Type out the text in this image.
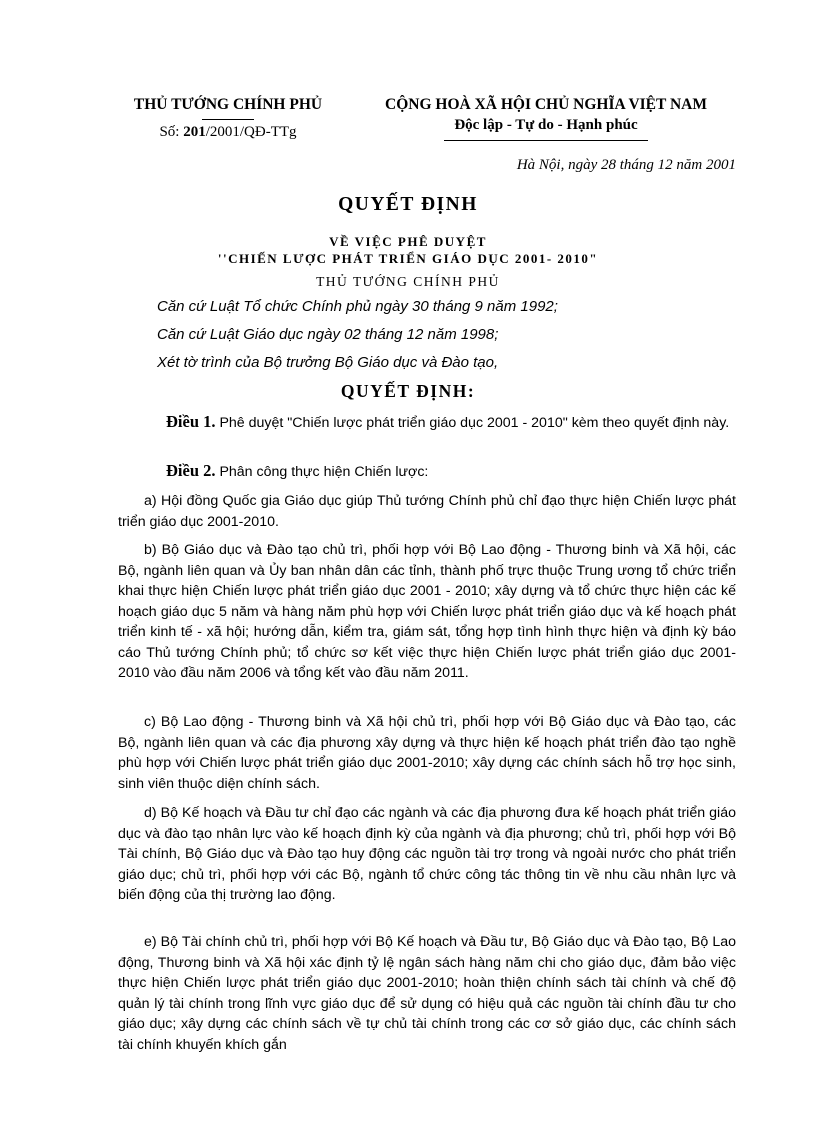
THỦ TƯỚNG CHÍNH PHỦ
Số: 201/2001/QĐ-TTg
CỘNG HOÀ XÃ HỘI CHỦ NGHĨA VIỆT NAM
Độc lập - Tự do - Hạnh phúc
Hà Nội, ngày 28 tháng 12 năm 2001
QUYẾT ĐỊNH
VỀ VIỆC PHÊ DUYỆT
''CHIẾN LƯỢC PHÁT TRIỂN GIÁO DỤC 2001- 2010"
THỦ TƯỚNG CHÍNH PHỦ
Căn cứ Luật Tổ chức Chính phủ ngày 30 tháng 9 năm 1992;
Căn cứ Luật Giáo dục ngày 02 tháng 12 năm 1998;
Xét tờ trình của Bộ trưởng Bộ Giáo dục và Đào tạo,
QUYẾT ĐỊNH:

Điều 1. Phê duyệt "Chiến lược phát triển giáo dục 2001 - 2010" kèm theo quyết định này.

Điều 2. Phân công thực hiện Chiến lược:

a) Hội đồng Quốc gia Giáo dục giúp Thủ tướng Chính phủ chỉ đạo thực hiện Chiến lược phát triển giáo dục 2001-2010.

b) Bộ Giáo dục và Đào tạo chủ trì, phối hợp với Bộ Lao động - Thương binh và Xã hội, các Bộ, ngành liên quan và Ủy ban nhân dân các tỉnh, thành phố trực thuộc Trung ương tổ chức triển khai thực hiện Chiến lược phát triển giáo dục 2001 - 2010; xây dựng và tổ chức thực hiện các kế hoạch giáo dục 5 năm và hàng năm phù hợp với Chiến lược phát triển giáo dục và kế hoạch phát triển kinh tế - xã hội; hướng dẫn, kiểm tra, giám sát, tổng hợp tình hình thực hiện và định kỳ báo cáo Thủ tướng Chính phủ; tổ chức sơ kết việc thực hiện Chiến lược phát triển giáo dục 2001-2010 vào đầu năm 2006 và tổng kết vào đầu năm 2011.

c) Bộ Lao động - Thương binh và Xã hội chủ trì, phối hợp với Bộ Giáo dục và Đào tạo, các Bộ, ngành liên quan và các địa phương xây dựng và thực hiện kế hoạch phát triển đào tạo nghề phù hợp với Chiến lược phát triển giáo dục 2001-2010; xây dựng các chính sách hỗ trợ học sinh, sinh viên thuộc diện chính sách.

d) Bộ Kế hoạch và Đầu tư chỉ đạo các ngành và các địa phương đưa kế hoạch phát triển giáo dục và đào tạo nhân lực vào kế hoạch định kỳ của ngành và địa phương; chủ trì, phối hợp với Bộ Tài chính, Bộ Giáo dục và Đào tạo huy động các nguồn tài trợ trong và ngoài nước cho phát triển giáo dục; chủ trì, phối hợp với các Bộ, ngành tổ chức công tác thông tin về nhu cầu nhân lực và biến động của thị trường lao động.

e) Bộ Tài chính chủ trì, phối hợp với Bộ Kế hoạch và Đầu tư, Bộ Giáo dục và Đào tạo, Bộ Lao động, Thương binh và Xã hội xác định tỷ lệ ngân sách hàng năm chi cho giáo dục, đảm bảo việc thực hiện Chiến lược phát triển giáo dục 2001-2010; hoàn thiện chính sách tài chính và chế độ quản lý tài chính trong lĩnh vực giáo dục để sử dụng có hiệu quả các nguồn tài chính đầu tư cho giáo dục; xây dựng các chính sách về tự chủ tài chính trong các cơ sở giáo dục, các chính sách tài chính khuyến khích gắn
